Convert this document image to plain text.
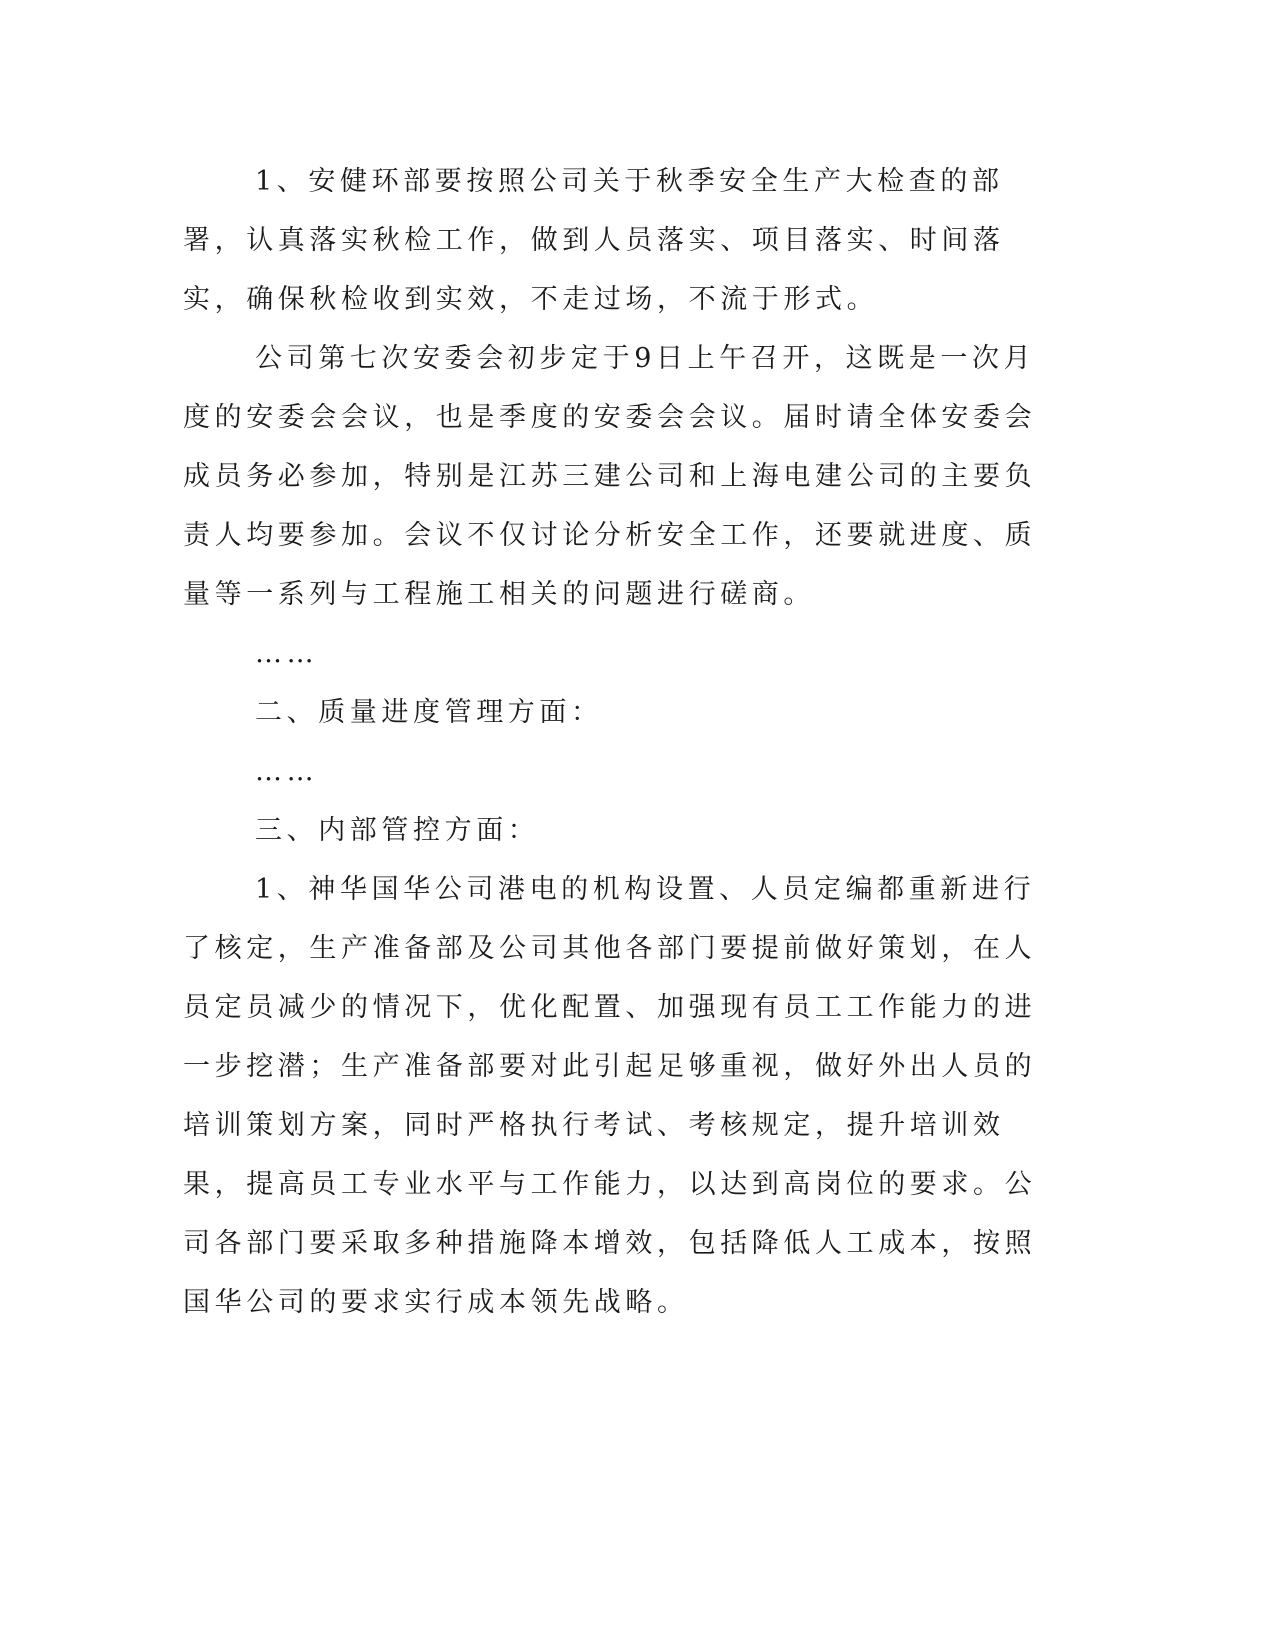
1、安健环部要按照公司关于秋季安全生产大检查的部署，认真落实秋检工作，做到人员落实、项目落实、时间落实，确保秋检收到实效，不走过场，不流于形式。

公司第七次安委会初步定于9日上午召开，这既是一次月度的安委会会议，也是季度的安委会会议。届时请全体安委会成员务必参加，特别是江苏三建公司和上海电建公司的主要负责人均要参加。会议不仅讨论分析安全工作，还要就进度、质量等一系列与工程施工相关的问题进行磋商。

……

二、质量进度管理方面：

……

三、内部管控方面：

1、神华国华公司港电的机构设置、人员定编都重新进行了核定，生产准备部及公司其他各部门要提前做好策划，在人员定员减少的情况下，优化配置、加强现有员工工作能力的进一步挖潜；生产准备部要对此引起足够重视，做好外出人员的培训策划方案，同时严格执行考试、考核规定，提升培训效果，提高员工专业水平与工作能力，以达到高岗位的要求。公司各部门要采取多种措施降本增效，包括降低人工成本，按照国华公司的要求实行成本领先战略。
